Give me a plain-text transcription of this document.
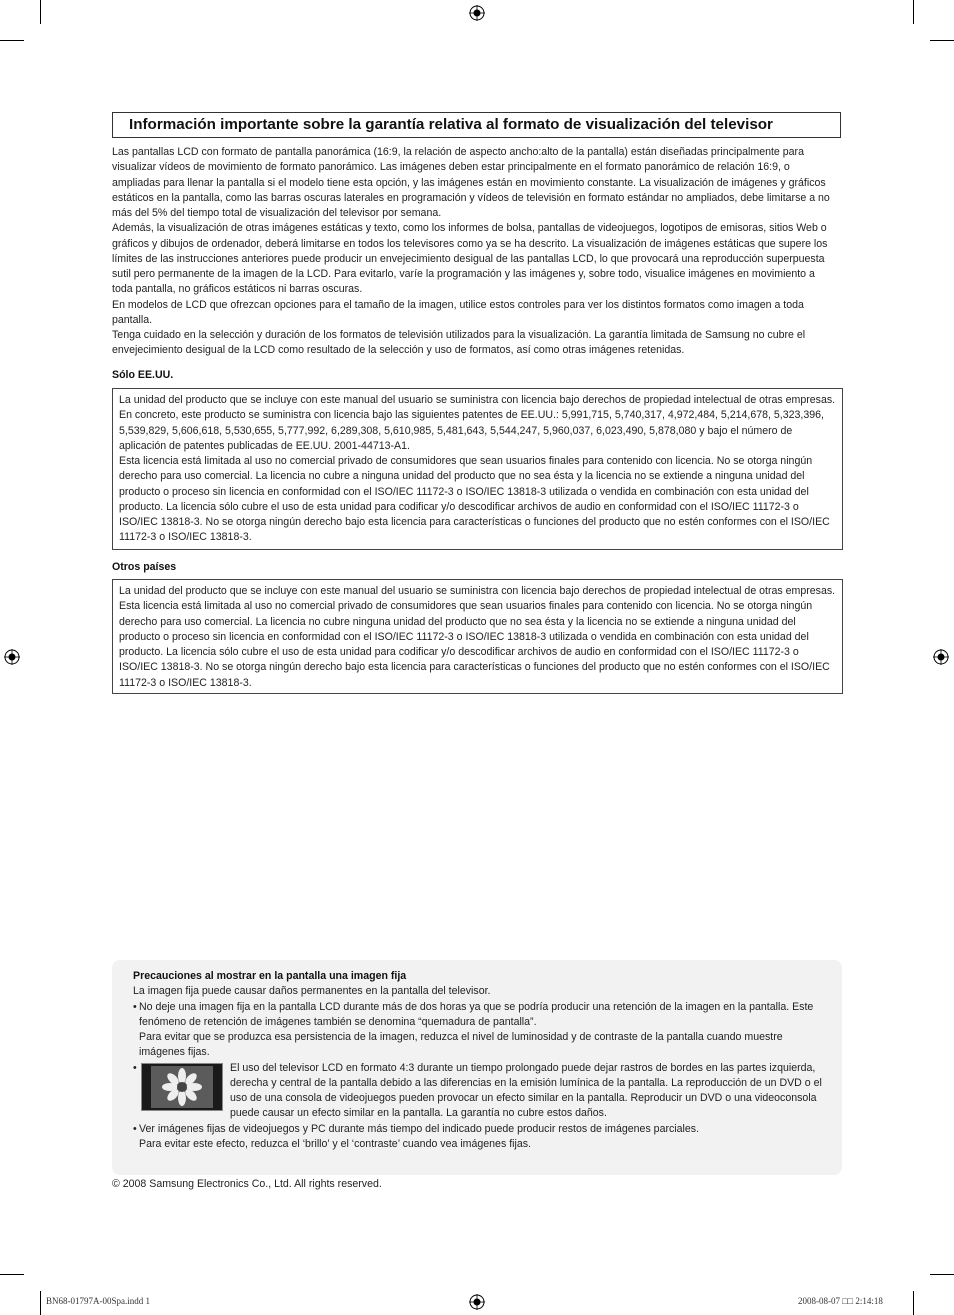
Información importante sobre la garantía relativa al formato de visualización del televisor

Las pantallas LCD con formato de pantalla panorámica (16:9, la relación de aspecto ancho:alto de la pantalla) están diseñadas principalmente para visualizar vídeos de movimiento de formato panorámico. Las imágenes deben estar principalmente en el formato panorámico de relación 16:9, o ampliadas para llenar la pantalla si el modelo tiene esta opción, y las imágenes están en movimiento constante. La visualización de imágenes y gráficos estáticos en la pantalla, como las barras oscuras laterales en programación y vídeos de televisión en formato estándar no ampliados, debe limitarse a no más del 5% del tiempo total de visualización del televisor por semana.

Además, la visualización de otras imágenes estáticas y texto, como los informes de bolsa, pantallas de videojuegos, logotipos de emisoras, sitios Web o gráficos y dibujos de ordenador, deberá limitarse en todos los televisores como ya se ha descrito. La visualización de imágenes estáticas que supere los límites de las instrucciones anteriores puede producir un envejecimiento desigual de las pantallas LCD, lo que provocará una reproducción superpuesta sutil pero permanente de la imagen de la LCD. Para evitarlo, varíe la programación y las imágenes y, sobre todo, visualice imágenes en movimiento a toda pantalla, no gráficos estáticos ni barras oscuras.

En modelos de LCD que ofrezcan opciones para el tamaño de la imagen, utilice estos controles para ver los distintos formatos como imagen a toda pantalla.

Tenga cuidado en la selección y duración de los formatos de televisión utilizados para la visualización. La garantía limitada de Samsung no cubre el envejecimiento desigual de la LCD como resultado de la selección y uso de formatos, así como otras imágenes retenidas.

Sólo EE.UU.

La unidad del producto que se incluye con este manual del usuario se suministra con licencia bajo derechos de propiedad intelectual de otras empresas. En concreto, este producto se suministra con licencia bajo las siguientes patentes de EE.UU.: 5,991,715, 5,740,317, 4,972,484, 5,214,678, 5,323,396, 5,539,829, 5,606,618, 5,530,655, 5,777,992, 6,289,308, 5,610,985, 5,481,643, 5,544,247, 5,960,037, 6,023,490, 5,878,080 y bajo el número de aplicación de patentes publicadas de EE.UU. 2001-44713-A1.

Esta licencia está limitada al uso no comercial privado de consumidores que sean usuarios finales para contenido con licencia. No se otorga ningún derecho para uso comercial. La licencia no cubre a ninguna unidad del producto que no sea ésta y la licencia no se extiende a ninguna unidad del producto o proceso sin licencia en conformidad con el ISO/IEC 11172-3 o ISO/IEC 13818-3 utilizada o vendida en combinación con esta unidad del producto. La licencia sólo cubre el uso de esta unidad para codificar y/o descodificar archivos de audio en conformidad con el ISO/IEC 11172-3 o ISO/IEC 13818-3. No se otorga ningún derecho bajo esta licencia para características o funciones del producto que no estén conformes con el ISO/IEC 11172-3 o ISO/IEC 13818-3.

Otros países

La unidad del producto que se incluye con este manual del usuario se suministra con licencia bajo derechos de propiedad intelectual de otras empresas. Esta licencia está limitada al uso no comercial privado de consumidores que sean usuarios finales para contenido con licencia. No se otorga ningún derecho para uso comercial. La licencia no cubre ninguna unidad del producto que no sea ésta y la licencia no se extiende a ninguna unidad del producto o proceso sin licencia en conformidad con el ISO/IEC 11172-3 o ISO/IEC 13818-3 utilizada o vendida en combinación con esta unidad del producto. La licencia sólo cubre el uso de esta unidad para codificar y/o descodificar archivos de audio en conformidad con el ISO/IEC 11172-3 o ISO/IEC 13818-3. No se otorga ningún derecho bajo esta licencia para características o funciones del producto que no estén conformes con el ISO/IEC 11172-3 o ISO/IEC 13818-3.

Precauciones al mostrar en la pantalla una imagen fija

La imagen fija puede causar daños permanentes en la pantalla del televisor.

• No deje una imagen fija en la pantalla LCD durante más de dos horas ya que se podría producir una retención de la imagen en la pantalla. Este fenómeno de retención de imágenes también se denomina “quemadura de pantalla”.

Para evitar que se produzca esa persistencia de la imagen, reduzca el nivel de luminosidad y de contraste de la pantalla cuando muestre imágenes fijas.

•	El uso del televisor LCD en formato 4:3 durante un tiempo prolongado puede dejar rastros de bordes en las partes izquierda, derecha y central de la pantalla debido a las diferencias en la emisión lumínica de la pantalla. La reproducción de un DVD o el uso de una consola de videojuegos pueden provocar un efecto similar en la pantalla. Reproducir un DVD o una videoconsola puede causar un efecto similar en la pantalla. La garantía no cubre estos daños.

• Ver imágenes fijas de videojuegos y PC durante más tiempo del indicado puede producir restos de imágenes parciales.

Para evitar este efecto, reduzca el ‘brillo’ y el ‘contraste’ cuando vea imágenes fijas.

© 2008 Samsung Electronics Co., Ltd. All rights reserved.
BN68-01797A-00Spa.indd 1	2008-08-07 □□ 2:14:18
